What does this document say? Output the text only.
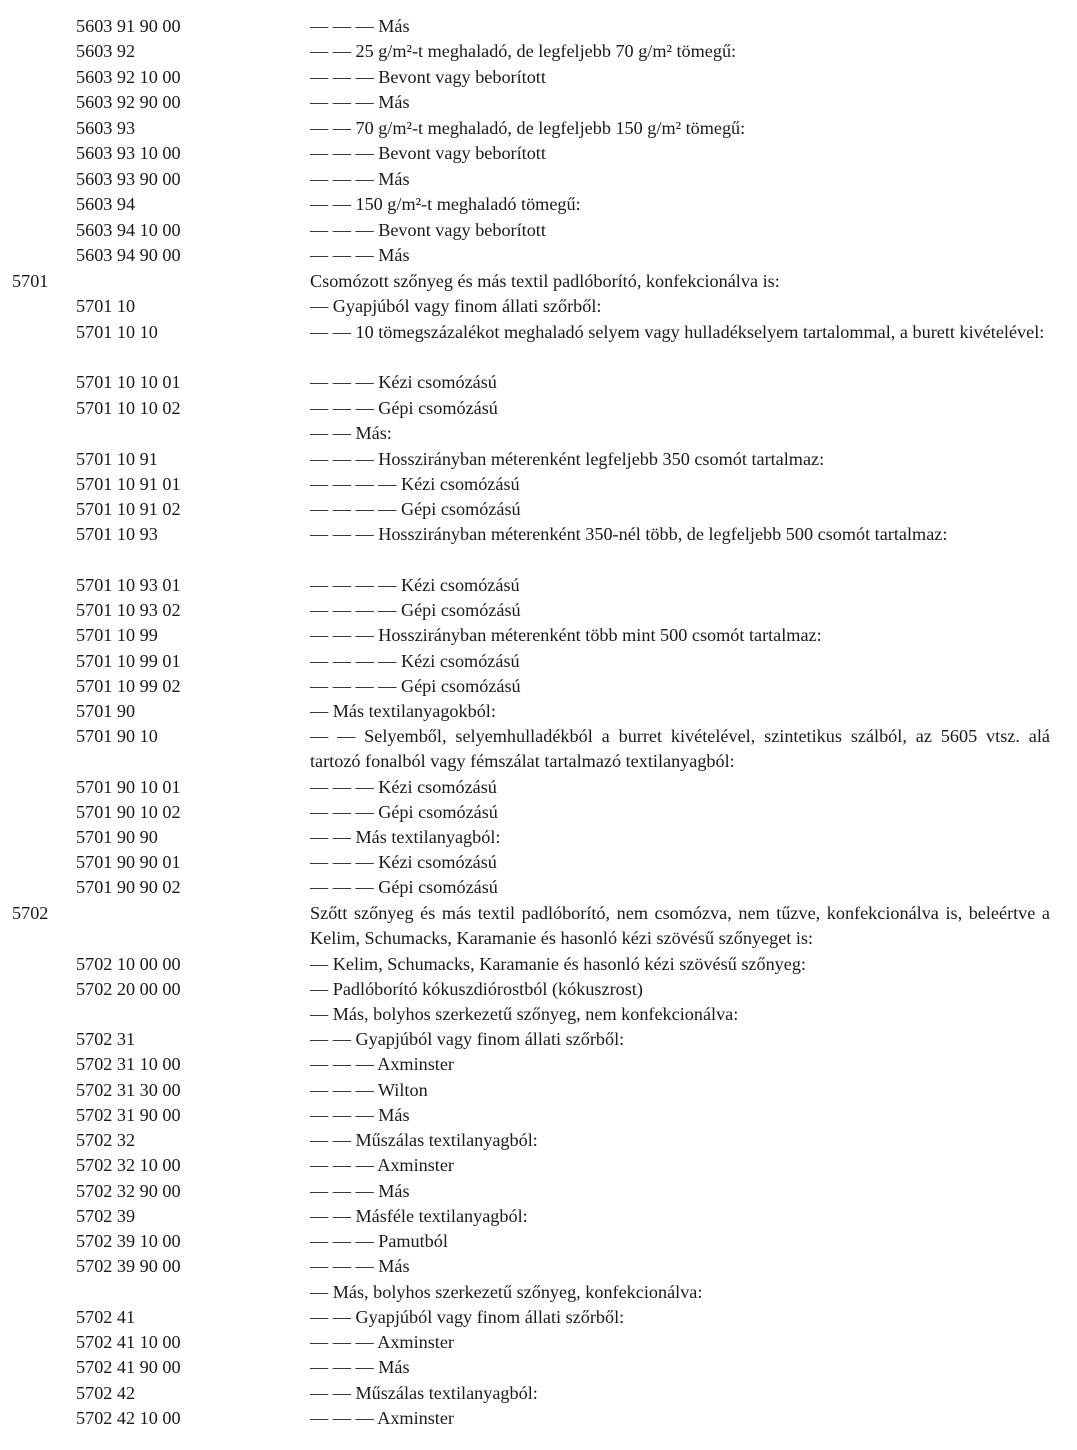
5603 91 90 00	— — — Más
5603 92	— — 25 g/m²-t meghaladó, de legfeljebb 70 g/m² tömegű:
5603 92 10 00	— — — Bevont vagy beborított
5603 92 90 00	— — — Más
5603 93	— — 70 g/m²-t meghaladó, de legfeljebb 150 g/m² tömegű:
5603 93 10 00	— — — Bevont vagy beborított
5603 93 90 00	— — — Más
5603 94	— — 150 g/m²-t meghaladó tömegű:
5603 94 10 00	— — — Bevont vagy beborított
5603 94 90 00	— — — Más
5701	Csomózott szőnyeg és más textil padlóborító, konfekcionálva is:
5701 10	— Gyapjúból vagy finom állati szőrből:
5701 10 10	— — 10 tömegszázalékot meghaladó selyem vagy hulladékselyem tartalommal, a burett kivételével:
5701 10 10 01	— — — Kézi csomózású
5701 10 10 02	— — — Gépi csomózású
— — Más:
5701 10 91	— — — Hosszirányban méterenként legfeljebb 350 csomót tartalmaz:
5701 10 91 01	— — — — Kézi csomózású
5701 10 91 02	— — — — Gépi csomózású
5701 10 93	— — — Hosszirányban méterenként 350-nél több, de legfeljebb 500 csomót tartalmaz:
5701 10 93 01	— — — — Kézi csomózású
5701 10 93 02	— — — — Gépi csomózású
5701 10 99	— — — Hosszirányban méterenként több mint 500 csomót tartalmaz:
5701 10 99 01	— — — — Kézi csomózású
5701 10 99 02	— — — — Gépi csomózású
5701 90	— Más textilanyagokból:
5701 90 10	— — Selyemből, selyemhulladékból a burret kivételével, szintetikus szálból, az 5605 vtsz. alá tartozó fonalból vagy fémszálat tartalmazó textilanyagból:
5701 90 10 01	— — — Kézi csomózású
5701 90 10 02	— — — Gépi csomózású
5701 90 90	— — Más textilanyagból:
5701 90 90 01	— — — Kézi csomózású
5701 90 90 02	— — — Gépi csomózású
5702	Szőtt szőnyeg és más textil padlóborító, nem csomózva, nem tűzve, konfekcionálva is, beleértve a Kelim, Schumacks, Karamanie és hasonló kézi szövésű szőnyeget is:
5702 10 00 00	— Kelim, Schumacks, Karamanie és hasonló kézi szövésű szőnyeg:
5702 20 00 00	— Padlóborító kókuszdiórostból (kókuszrost)
— Más, bolyhos szerkezetű szőnyeg, nem konfekcionálva:
5702 31	— — Gyapjúból vagy finom állati szőrből:
5702 31 10 00	— — — Axminster
5702 31 30 00	— — — Wilton
5702 31 90 00	— — — Más
5702 32	— — Műszálas textilanyagból:
5702 32 10 00	— — — Axminster
5702 32 90 00	— — — Más
5702 39	— — Másféle textilanyagból:
5702 39 10 00	— — — Pamutból
5702 39 90 00	— — — Más
— Más, bolyhos szerkezetű szőnyeg, konfekcionálva:
5702 41	— — Gyapjúból vagy finom állati szőrből:
5702 41 10 00	— — — Axminster
5702 41 90 00	— — — Más
5702 42	— — Műszálas textilanyagból:
5702 42 10 00	— — — Axminster
